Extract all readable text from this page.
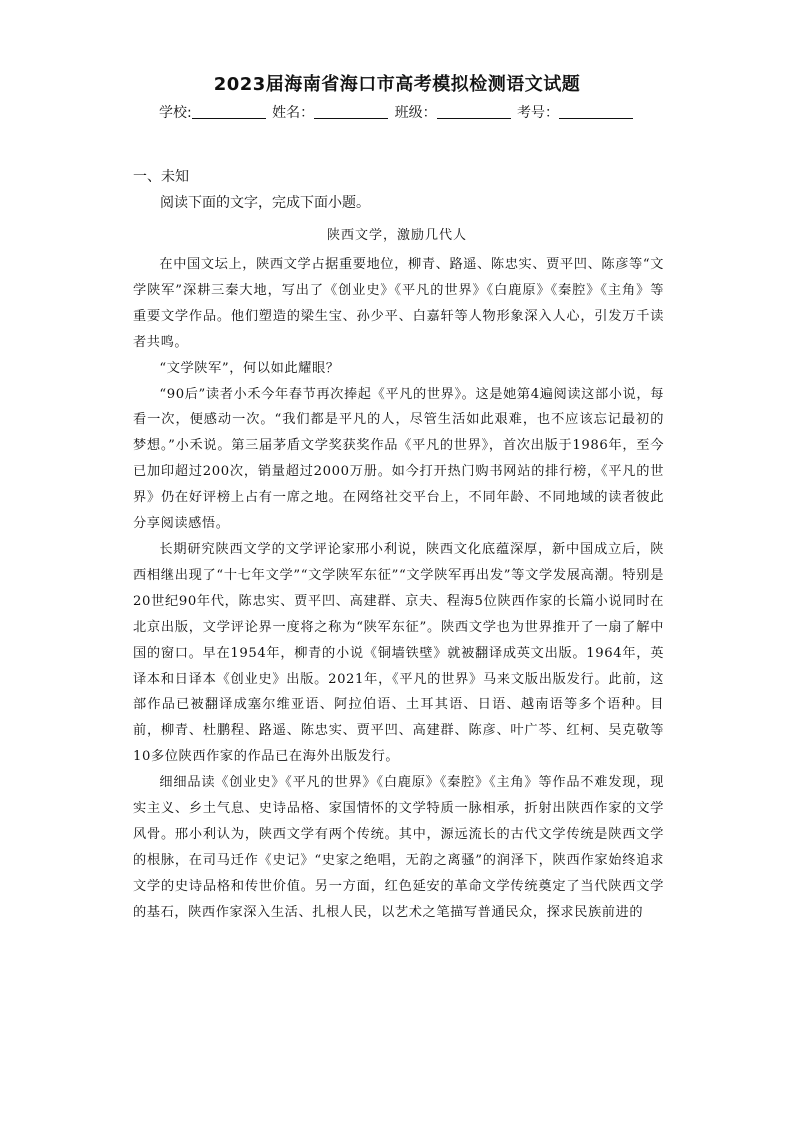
2023届海南省海口市高考模拟检测语文试题
学校:	姓名：	班级：	考号：
一、未知
阅读下面的文字，完成下面小题。
陕西文学，激励几代人

在中国文坛上，陕西文学占据重要地位，柳青、路遥、陈忠实、贾平凹、陈彦等“文学陕军”深耕三秦大地，写出了《创业史》《平凡的世界》《白鹿原》《秦腔》《主角》等重要文学作品。他们塑造的梁生宝、孙少平、白嘉轩等人物形象深入人心，引发万千读者共鸣。

“文学陕军”，何以如此耀眼？

“90后”读者小禾今年春节再次捧起《平凡的世界》。这是她第4遍阅读这部小说，每看一次，便感动一次。“我们都是平凡的人，尽管生活如此艰难，也不应该忘记最初的梦想。”小禾说。第三届茅盾文学奖获奖作品《平凡的世界》，首次出版于1986年，至今已加印超过200次，销量超过2000万册。如今打开热门购书网站的排行榜，《平凡的世界》仍在好评榜上占有一席之地。在网络社交平台上，不同年龄、不同地域的读者彼此分享阅读感悟。

长期研究陕西文学的文学评论家邢小利说，陕西文化底蕴深厚，新中国成立后，陕西相继出现了“十七年文学”“文学陕军东征”“文学陕军再出发”等文学发展高潮。特别是20世纪90年代，陈忠实、贾平凹、高建群、京夫、程海5位陕西作家的长篇小说同时在北京出版，文学评论界一度将之称为“陕军东征”。陕西文学也为世界推开了一扇了解中国的窗口。早在1954年，柳青的小说《铜墙铁壁》就被翻译成英文出版。1964年，英译本和日译本《创业史》出版。2021年，《平凡的世界》马来文版出版发行。此前，这部作品已被翻译成塞尔维亚语、阿拉伯语、土耳其语、日语、越南语等多个语种。目前，柳青、杜鹏程、路遥、陈忠实、贾平凹、高建群、陈彦、叶广芩、红柯、吴克敬等10多位陕西作家的作品已在海外出版发行。

细细品读《创业史》《平凡的世界》《白鹿原》《秦腔》《主角》等作品不难发现，现实主义、乡土气息、史诗品格、家国情怀的文学特质一脉相承，折射出陕西作家的文学风骨。邢小利认为，陕西文学有两个传统。其中，源远流长的古代文学传统是陕西文学的根脉，在司马迁作《史记》“史家之绝唱，无韵之离骚”的润泽下，陕西作家始终追求文学的史诗品格和传世价值。另一方面，红色延安的革命文学传统奠定了当代陕西文学的基石，陕西作家深入生活、扎根人民，以艺术之笔描写普通民众，探求民族前进的
